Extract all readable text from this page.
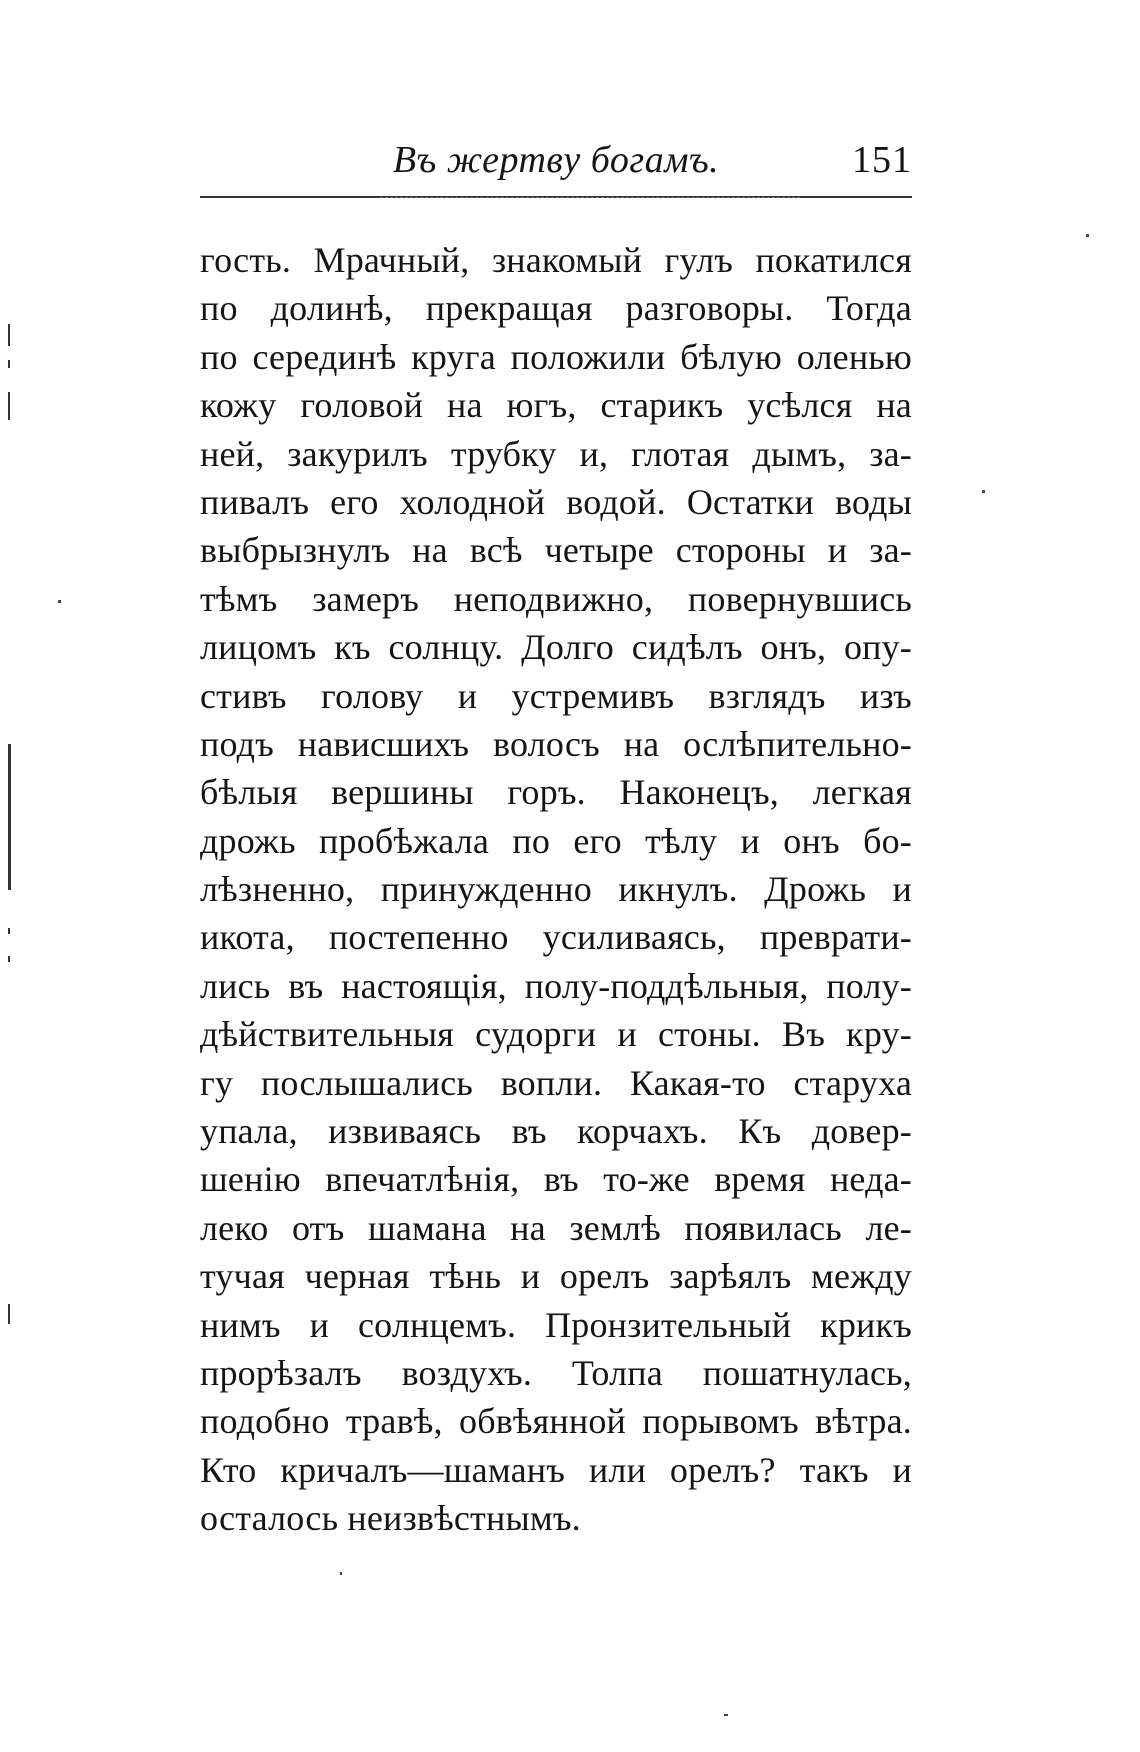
Въ жертву богамъ.	151
гость. Мрачный, знакомый гулъ покатился
по долинѣ, прекращая разговоры. Тогда
по серединѣ круга положили бѣлую оленью
кожу головой на югъ, старикъ усѣлся на
ней, закурилъ трубку и, глотая дымъ, за-
пивалъ его холодной водой. Остатки воды
выбрызнулъ на всѣ четыре стороны и за-
тѣмъ замеръ неподвижно, повернувшись
лицомъ къ солнцу. Долго сидѣлъ онъ, опу-
стивъ голову и устремивъ взглядъ изъ
подъ нависшихъ волосъ на ослѣпительно-
бѣлыя вершины горъ. Наконецъ, легкая
дрожь пробѣжала по его тѣлу и онъ бо-
лѣзненно, принужденно икнулъ. Дрожь и
икота, постепенно усиливаясь, преврати-
лись въ настоящія, полу-поддѣльныя, полу-
дѣйствительныя судорги и стоны. Въ кру-
гу послышались вопли. Какая-то старуха
упала, извиваясь въ корчахъ. Къ довер-
шенію впечатлѣнія, въ то-же время неда-
леко отъ шамана на землѣ появилась ле-
тучая черная тѣнь и орелъ зарѣялъ между
нимъ и солнцемъ. Пронзительный крикъ
прорѣзалъ воздухъ. Толпа пошатнулась,
подобно травѣ, обвѣянной порывомъ вѣтра.
Кто кричалъ—шаманъ или орелъ? такъ и
осталось неизвѣстнымъ.
